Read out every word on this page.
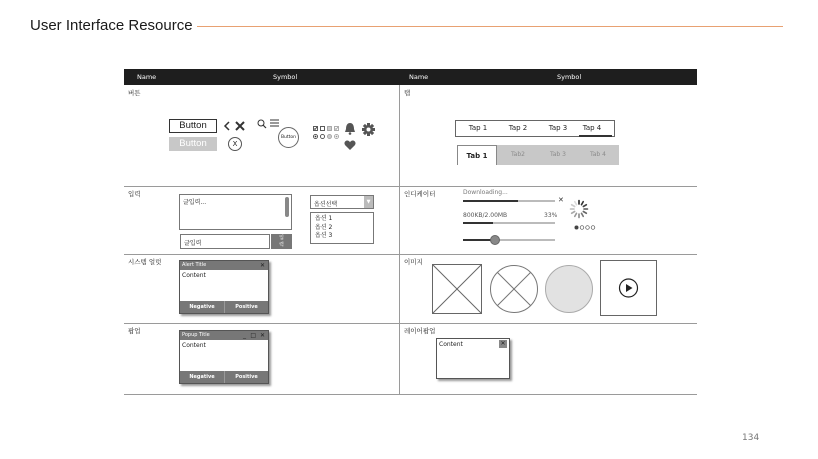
User Interface Resource
134
Name	Symbol	Name	Symbol
버튼	탭
입력	인디케이터
시스템 얼럿	이미지
팝업	레이어팝업
Button
Button	X
Button
Tap 1	Tap 2	Tap 3	Tap 4
Tab 1	Tab2	Tab 3	Tab 4
글입력...
글입력
입력
옵션선택	▼
옵션 1
옵션 2
옵션 3
Downloading...
✕
800KB/2.00MB	33%
Alert Title	✕
Content
Negative	Positive
Popup Title	_ □ ✕
Content
Negative	Positive
Content	✕
